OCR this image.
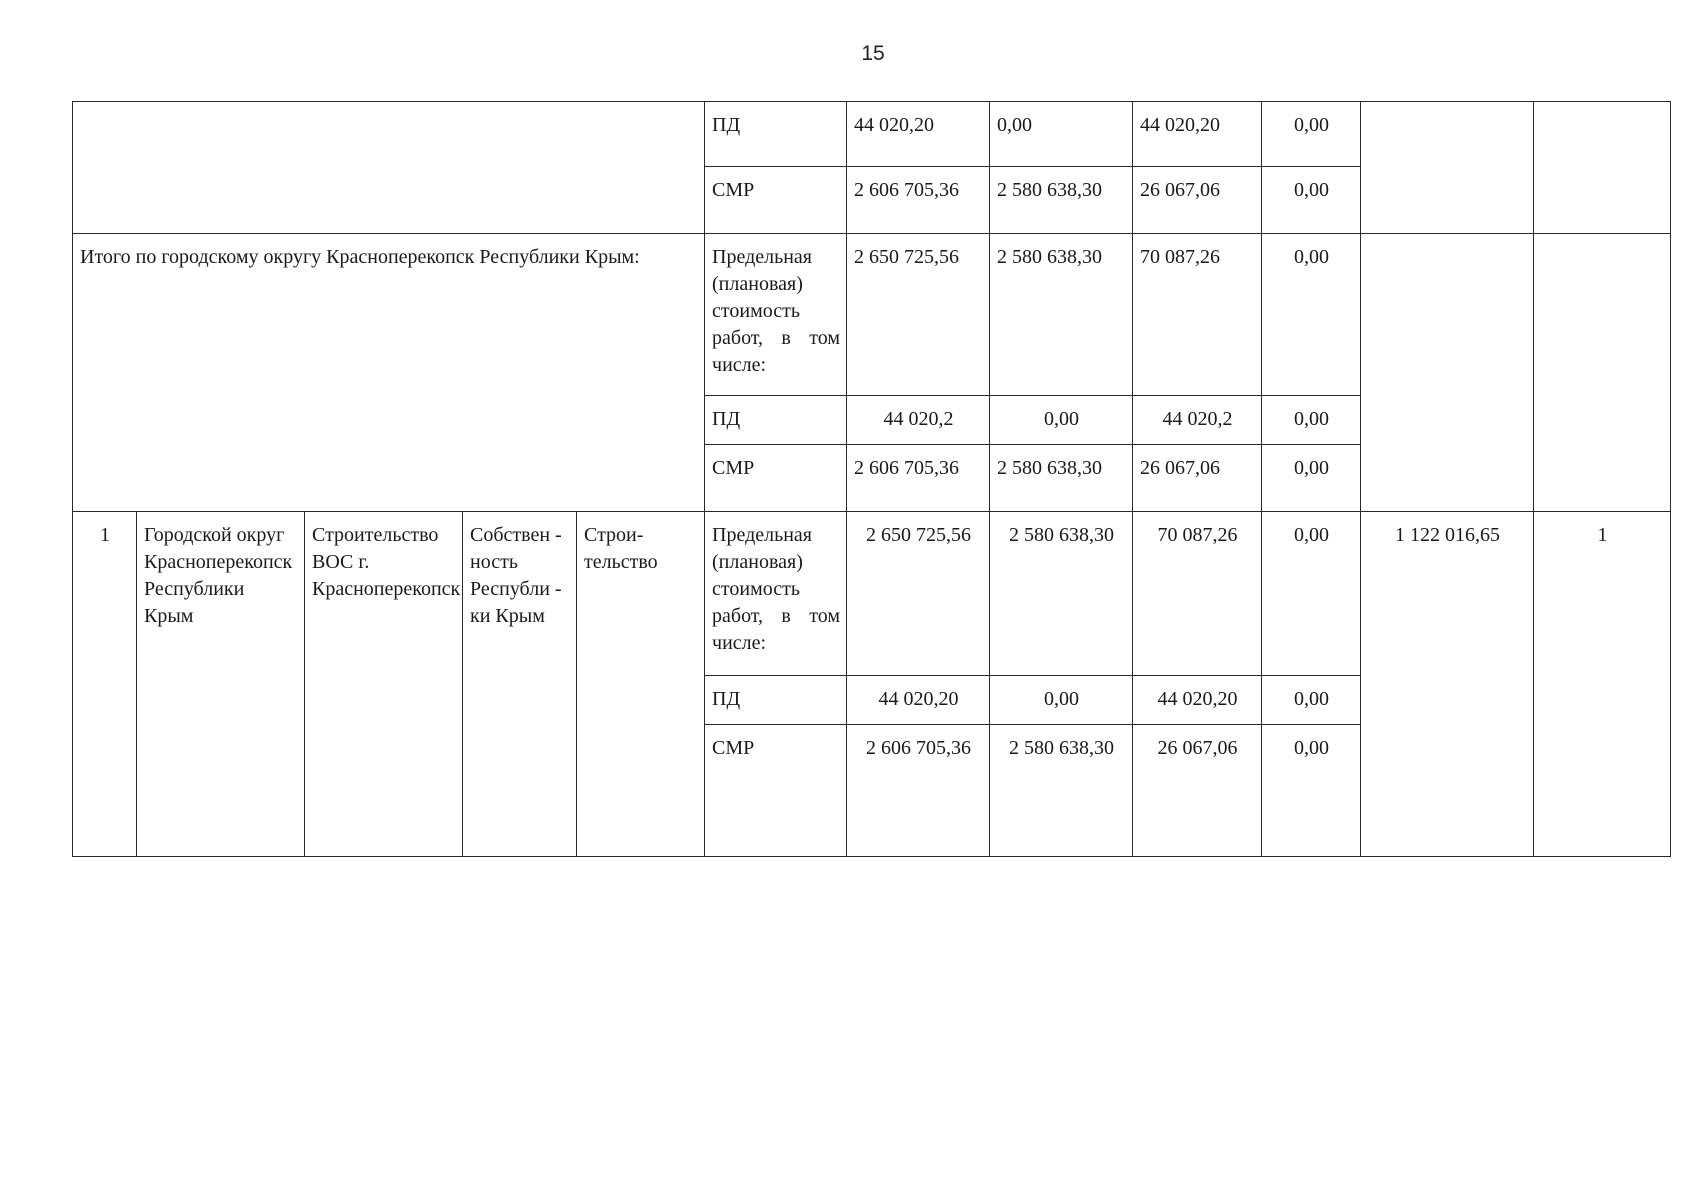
15
					ПД	44 020,20	0,00	44 020,20	0,00		
					СМР	2 606 705,36	2 580 638,30	26 067,06	0,00		
Итого по городскому округу Красноперекопск Республики Крым:					Предельная (плановая) стоимость работ, в том числе:	2 650 725,56	2 580 638,30	70 087,26	0,00		
					ПД	44 020,2	0,00	44 020,2	0,00		
					СМР	2 606 705,36	2 580 638,30	26 067,06	0,00		
1	Городской округ Красноперекопск Республики Крым	Строительство ВОС г. Красноперекопск	Собствен - ность Республи - ки Крым	Строи- тельство	Предельная (плановая) стоимость работ, в том числе:	2 650 725,56	2 580 638,30	70 087,26	0,00	1 122 016,65	1
					ПД	44 020,20	0,00	44 020,20	0,00		
					СМР	2 606 705,36	2 580 638,30	26 067,06	0,00		
